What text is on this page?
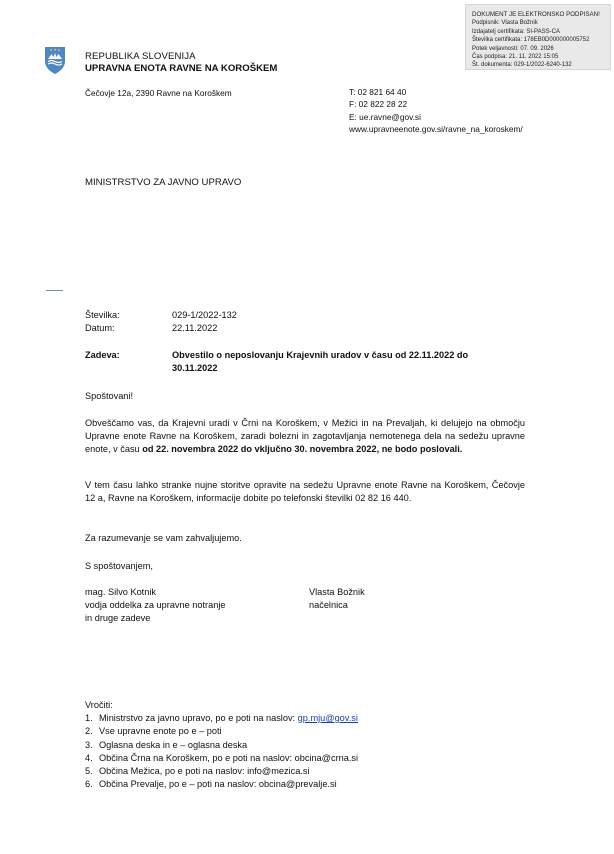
DOKUMENT JE ELEKTRONSKO PODPISAN!
Podpisnik: Vlasta Božnik
Izdajatelj certifikata: SI-PASS-CA
Številka certifikata: 178EB0D000000005752
Potek veljavnosti: 07. 09. 2026
Čas podpisa: 21. 11. 2022 15:05
Št. dokumenta: 029-1/2022-6240-132
REPUBLIKA SLOVENIJA
UPRAVNA ENOTA RAVNE NA KOROŠKEM
Čečovje 12a, 2390 Ravne na Koroškem	T: 02 821 64 40
F: 02 822 28 22
E: ue.ravne@gov.si
www.upravneenote.gov.si/ravne_na_koroskem/
MINISTRSTVO ZA JAVNO UPRAVO
Številka:	029-1/2022-132
Datum:	22.11.2022
Zadeva:	Obvestilo o neposlovanju Krajevnih uradov v času od 22.11.2022 do
30.11.2022
Spoštovani!
Obveščamo vas, da Krajevni uradi v Črni na Koroškem, v Mežici in na Prevaljah, ki delujejo na območju Upravne enote Ravne na Koroškem, zaradi bolezni in zagotavljanja nemotenega dela na sedežu upravne enote, v času od 22. novembra 2022 do vključno 30. novembra 2022, ne bodo poslovali.
V tem času lahko stranke nujne storitve opravite na sedežu Upravne enote Ravne na Koroškem, Čečovje 12 a, Ravne na Koroškem, informacije dobite po telefonski številki 02 82 16 440.
Za razumevanje se vam zahvaljujemo.
S spoštovanjem,
mag. Silvo Kotnik
vodja oddelka za upravne notranje
in druge zadeve
Vlasta Božnik
načelnica
Vročiti:
1. Ministrstvo za javno upravo, po e poti na naslov: gp.mju@gov.si
2. Vse upravne enote po e – poti
3. Oglasna deska in e – oglasna deska
4. Občina Črna na Koroškem, po e poti na naslov: obcina@crna.si
5. Občina Mežica, po e poti na naslov: info@mezica.si
6. Občina Prevalje, po e – poti na naslov: obcina@prevalje.si
